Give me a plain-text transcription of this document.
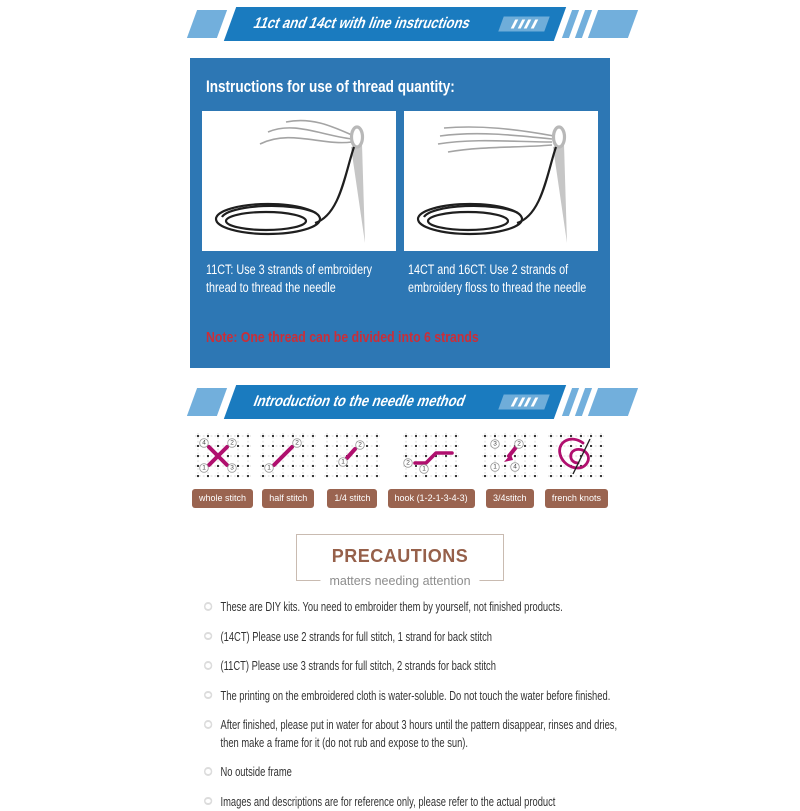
11ct and 14ct with line instructions
Instructions for use of thread quantity:

11CT: Use 3 strands of embroidery thread to thread the needle

14CT and 16CT: Use 2 strands of embroidery floss to thread the needle

Note: One thread can be divided into 6 strands
Introduction to the needle method
4	2
1	3
whole stitch
1
2
half stitch
1
2
1/4 stitch
2
1
hook (1-2-1-3-4-3)
3	2
1	4
3/4stitch	french knots
PRECAUTIONS
matters needing attention
These are DIY kits. You need to embroider them by yourself, not finished products.
(14CT) Please use 2 strands for full stitch, 1 strand for back stitch
(11CT) Please use 3 strands for full stitch, 2 strands for back stitch
The printing on the embroidered cloth is water-soluble. Do not touch the water before finished.
After finished, please put in water for about 3 hours until the pattern disappear, rinses and dries, then make a frame for it (do not rub and expose to the sun).
No outside frame
Images and descriptions are for reference only, please refer to the actual product
